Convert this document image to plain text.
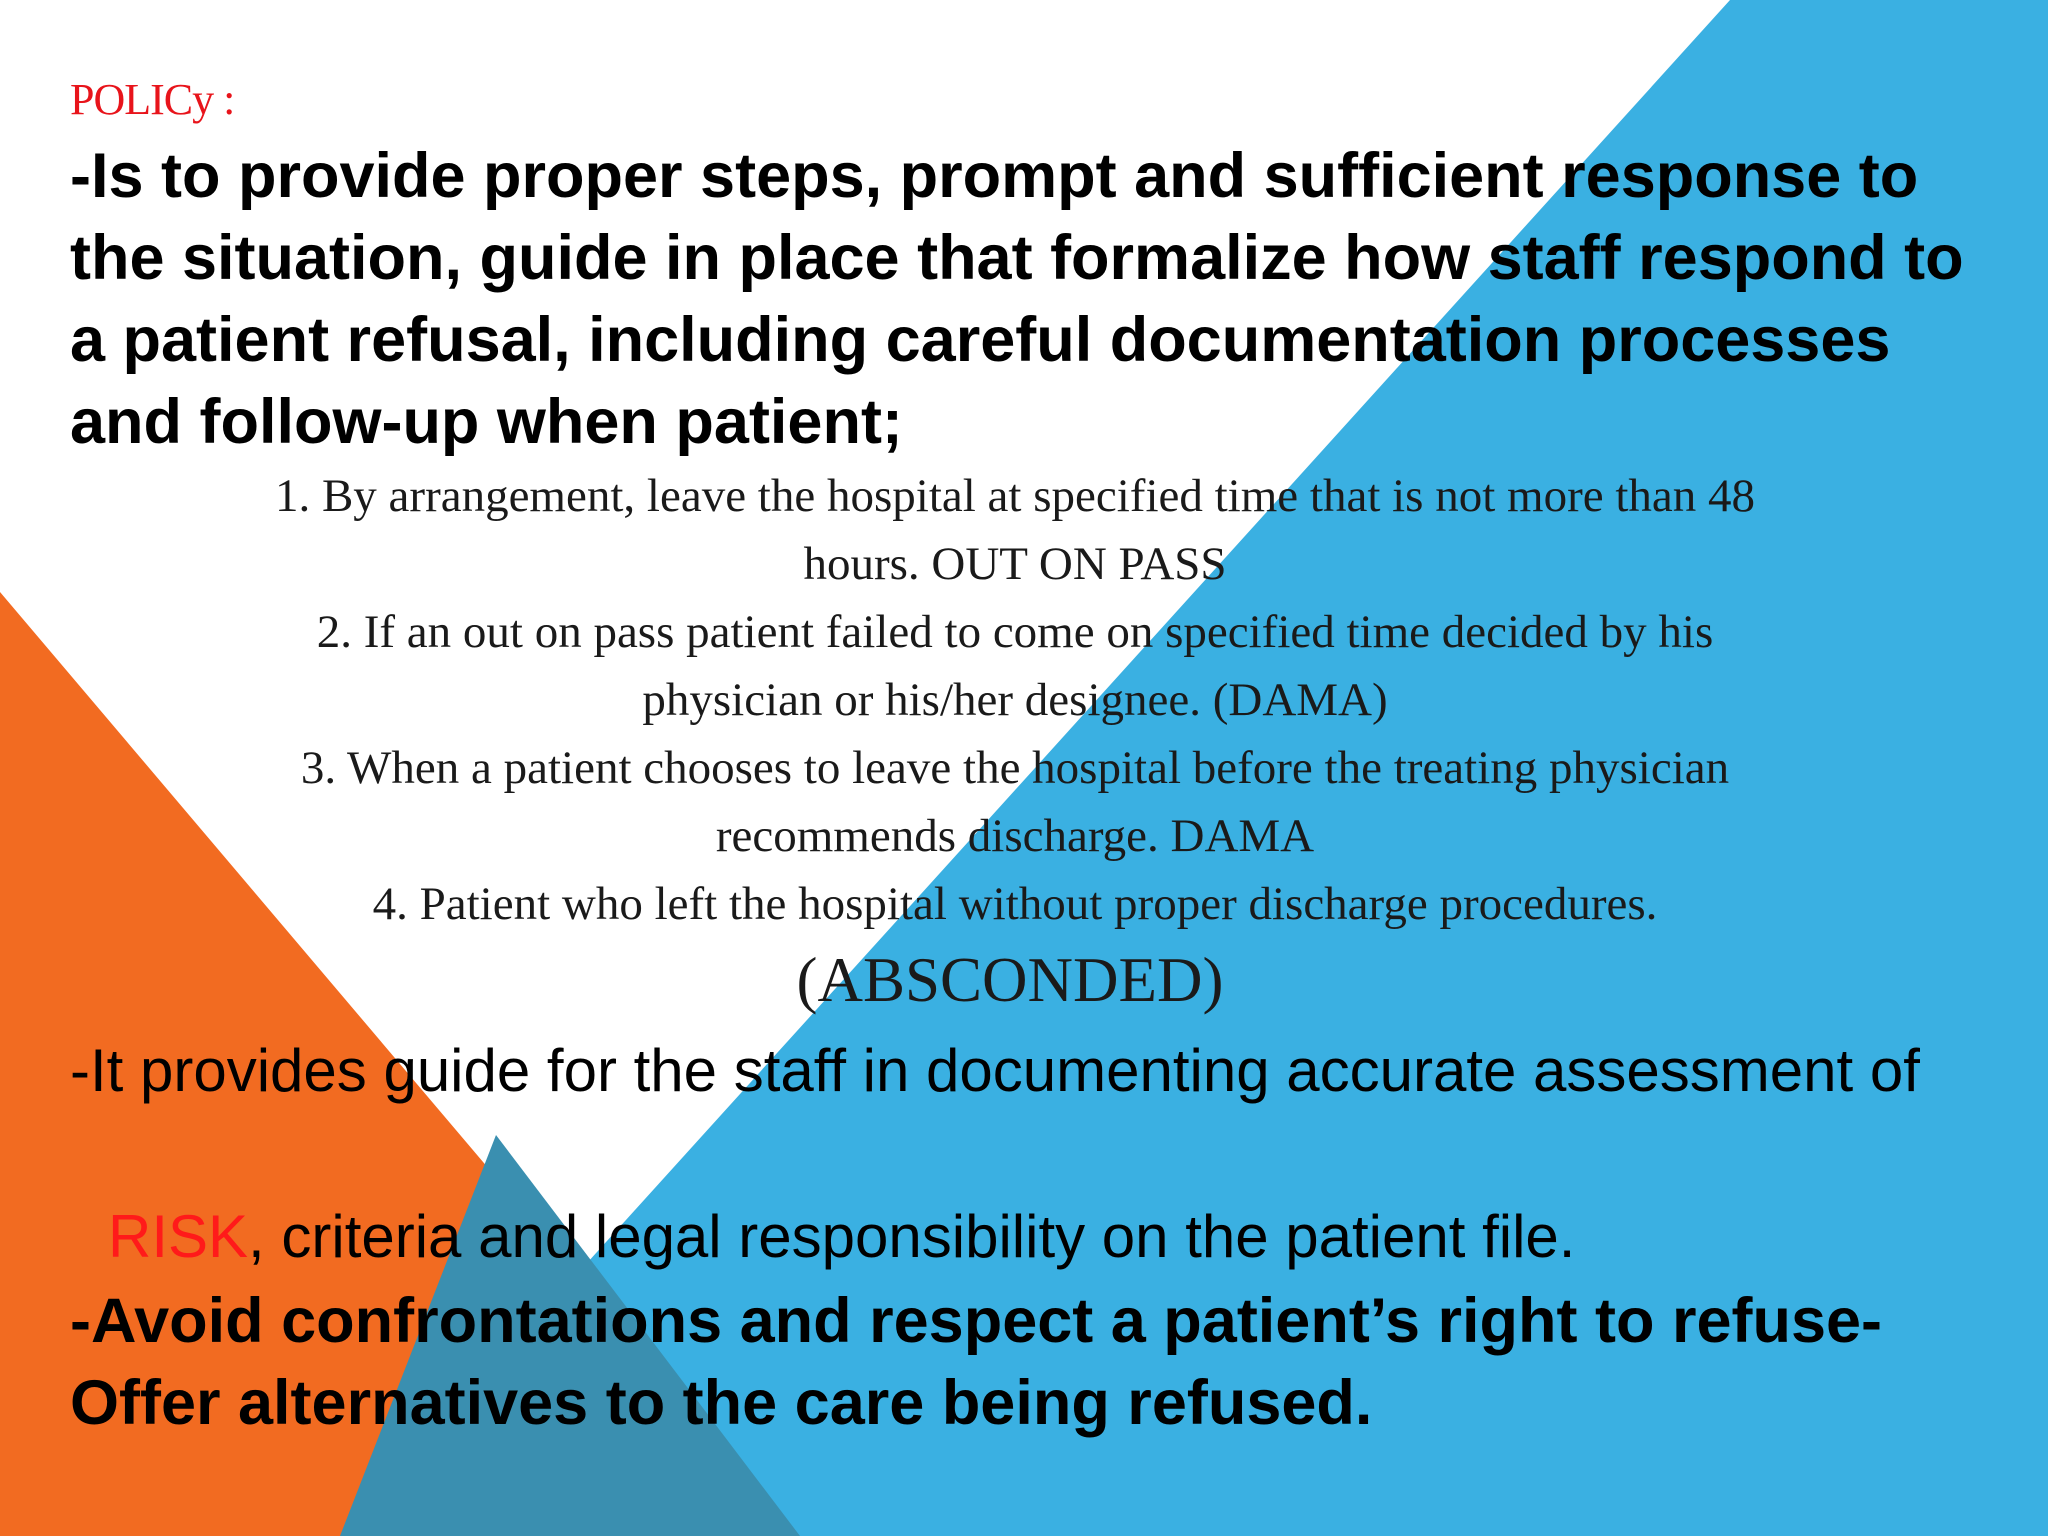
POLICy :

-Is to provide proper steps, prompt and sufficient response to the situation, guide in place that formalize how staff respond to a patient refusal, including careful documentation processes and follow-up when patient;

1. By arrangement, leave the hospital at specified time that is not more than 48

hours. OUT ON PASS

2. If an out on pass patient failed to come on specified time decided by his

physician or his/her designee. (DAMA)

3. When a patient chooses to leave the hospital before the treating physician

recommends discharge. DAMA

4. Patient who left the hospital without proper discharge procedures.

(ABSCONDED)
-It provides guide for the staff in documenting accurate assessment of
RISK, criteria and legal responsibility on the patient file.
-Avoid confrontations and respect a patient’s right to refuse- Offer alternatives to the care being refused.
